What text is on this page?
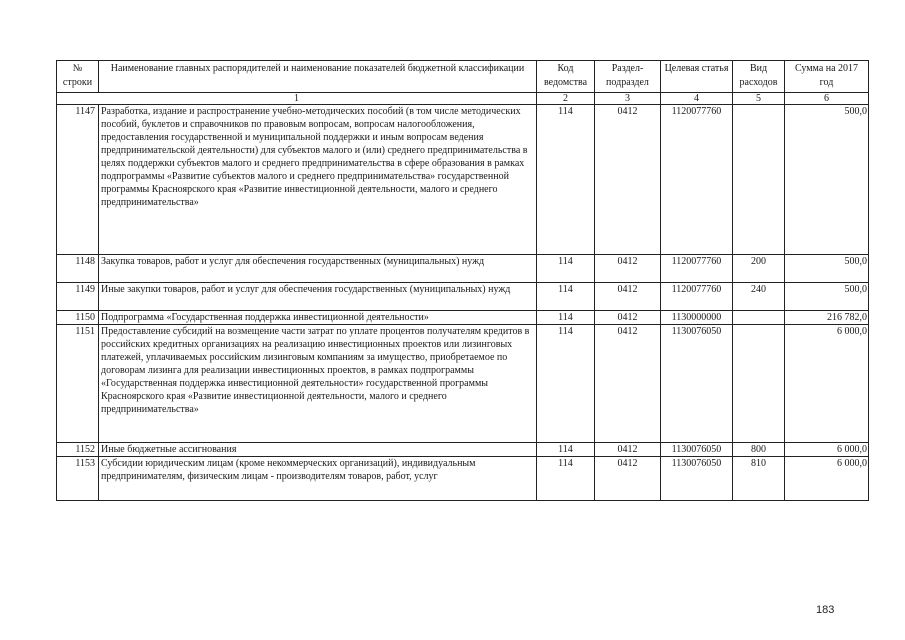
№ строки	Наименование главных распорядителей и наименование показателей бюджетной классификации	Код ведомства	Раздел-подраздел	Целевая статья	Вид расходов	Сумма на 2017 год
1		2	3	4	5	6
1147	Разработка, издание и распространение учебно-методических пособий (в том числе методических пособий, буклетов и справочников по правовым вопросам, вопросам налогообложения, предоставления государственной и муниципальной поддержки и иным вопросам ведения предпринимательской деятельности) для субъектов малого и (или) среднего предпринимательства в целях поддержки субъектов малого и среднего предпринимательства в сфере образования в рамках подпрограммы «Развитие субъектов малого и среднего предпринимательства» государственной программы Красноярского края «Развитие инвестиционной деятельности, малого и среднего предпринимательства»	114	0412	1120077760		500,0
1148	Закупка товаров, работ и услуг для обеспечения государственных (муниципальных) нужд	114	0412	1120077760	200	500,0
1149	Иные закупки товаров, работ и услуг для обеспечения государственных (муниципальных) нужд	114	0412	1120077760	240	500,0
1150	Подпрограмма «Государственная поддержка инвестиционной деятельности»	114	0412	1130000000		216 782,0
1151	Предоставление субсидий на возмещение части затрат по уплате процентов получателям кредитов в российских кредитных организациях на реализацию инвестиционных проектов или лизинговых платежей, уплачиваемых российским лизинговым компаниям за имущество, приобретаемое по договорам лизинга для реализации инвестиционных проектов, в рамках подпрограммы «Государственная поддержка инвестиционной деятельности» государственной программы Красноярского края «Развитие инвестиционной деятельности, малого и среднего предпринимательства»	114	0412	1130076050		6 000,0
1152	Иные бюджетные ассигнования	114	0412	1130076050	800	6 000,0
1153	Субсидии юридическим лицам (кроме некоммерческих организаций), индивидуальным предпринимателям, физическим лицам - производителям товаров, работ, услуг	114	0412	1130076050	810	6 000,0
183
